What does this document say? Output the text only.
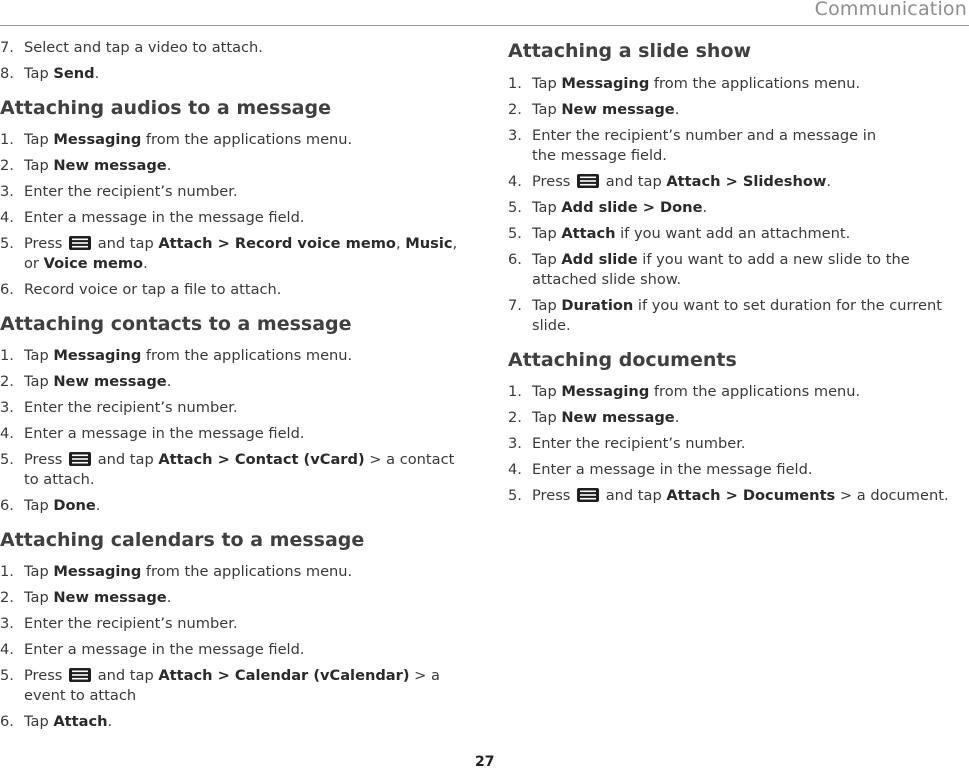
Communication
7. Select and tap a video to attach.
8. Tap Send.
Attaching audios to a message
1. Tap Messaging from the applications menu.
2. Tap New message.
3. Enter the recipient’s number.
4. Enter a message in the message field.
5. Press  and tap Attach > Record voice memo, Music, or Voice memo.
6. Record voice or tap a file to attach.
Attaching contacts to a message
1. Tap Messaging from the applications menu.
2. Tap New message.
3. Enter the recipient’s number.
4. Enter a message in the message field.
5. Press  and tap Attach > Contact (vCard) > a contact to attach.
6. Tap Done.
Attaching calendars to a message
1. Tap Messaging from the applications menu.
2. Tap New message.
3. Enter the recipient’s number.
4. Enter a message in the message field.
5. Press  and tap Attach > Calendar (vCalendar) > a event to attach
6. Tap Attach.
Attaching a slide show
1. Tap Messaging from the applications menu.
2. Tap New message.
3. Enter the recipient’s number and a message in the message field.
4. Press  and tap Attach > Slideshow.
5. Tap Add slide > Done.
5. Tap Attach if you want add an attachment.
6. Tap Add slide if you want to add a new slide to the attached slide show.
7. Tap Duration if you want to set duration for the current slide.
Attaching documents
1. Tap Messaging from the applications menu.
2. Tap New message.
3. Enter the recipient’s number.
4. Enter a message in the message field.
5. Press  and tap Attach > Documents > a document.
27
